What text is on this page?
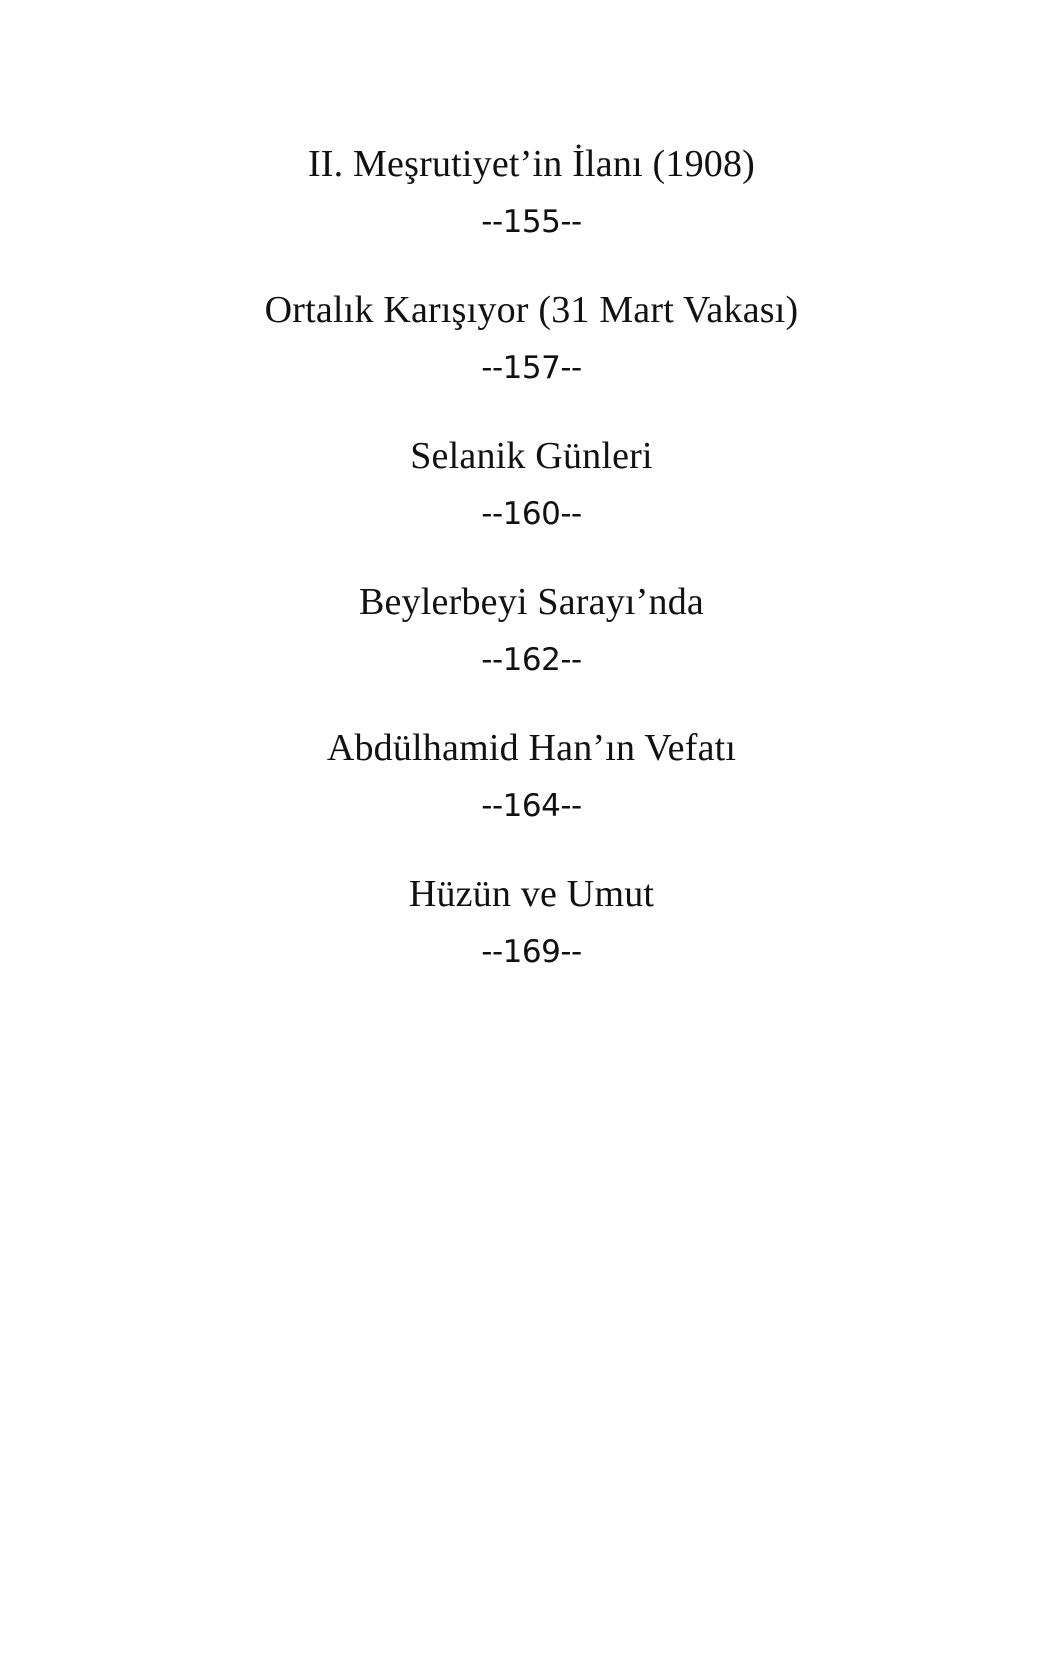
II. Meşrutiyet’in İlanı (1908)
--155--
Ortalık Karışıyor (31 Mart Vakası)
--157--
Selanik Günleri
--160--
Beylerbeyi Sarayı’nda
--162--
Abdülhamid Han’ın Vefatı
--164--
Hüzün ve Umut
--169--
